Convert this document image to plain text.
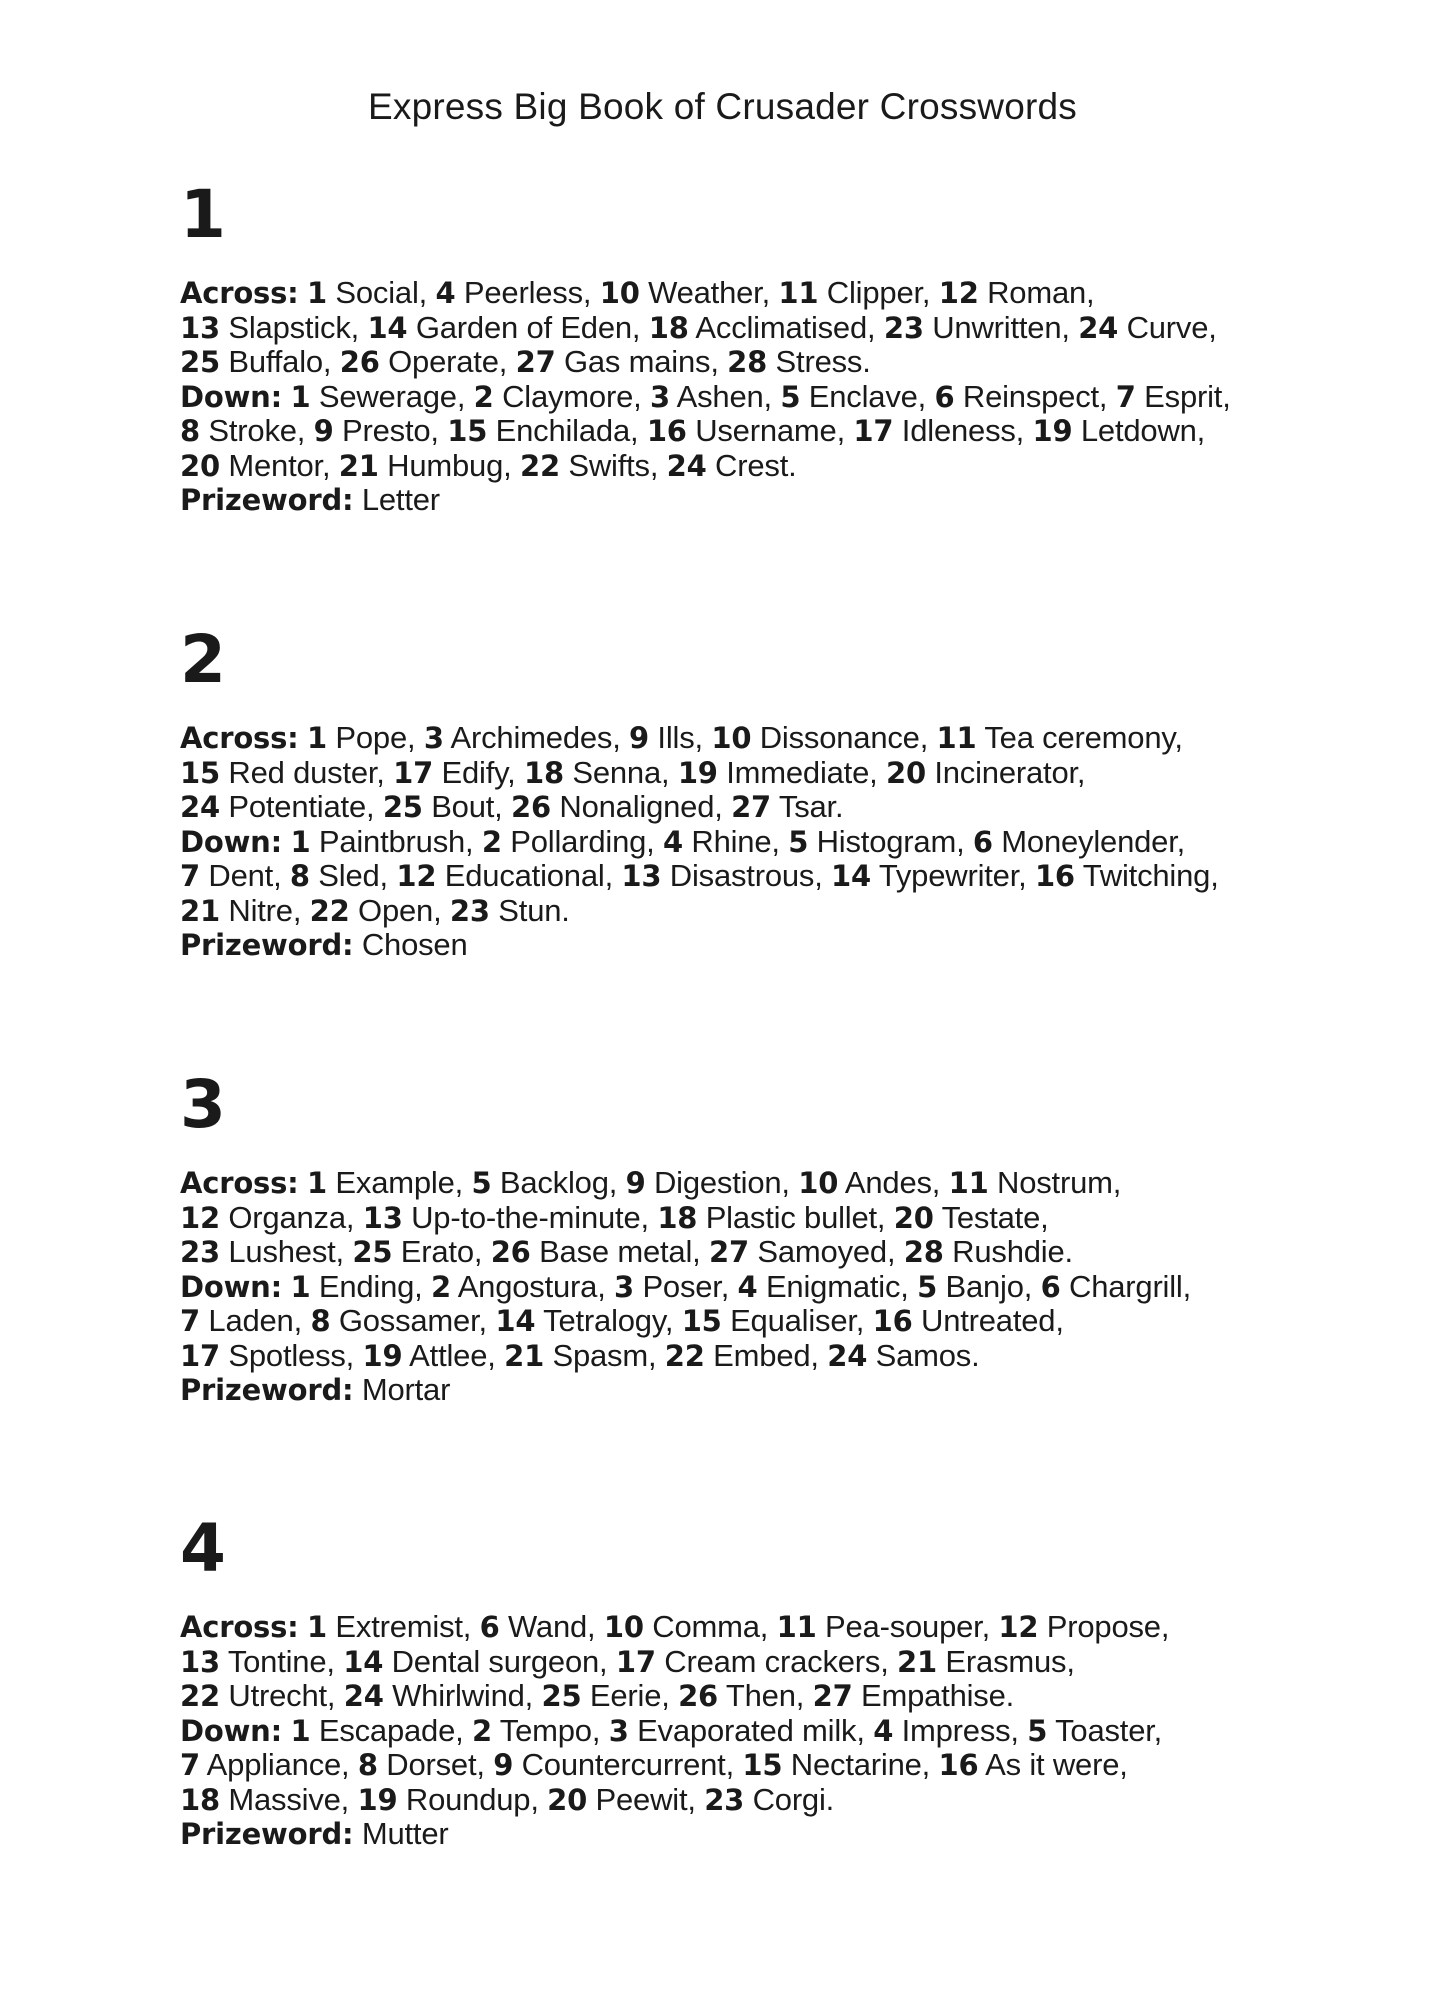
Express Big Book of Crusader Crosswords
1
Across: 1 Social, 4 Peerless, 10 Weather, 11 Clipper, 12 Roman,
13 Slapstick, 14 Garden of Eden, 18 Acclimatised, 23 Unwritten, 24 Curve,
25 Buffalo, 26 Operate, 27 Gas mains, 28 Stress.
Down: 1 Sewerage, 2 Claymore, 3 Ashen, 5 Enclave, 6 Reinspect, 7 Esprit,
8 Stroke, 9 Presto, 15 Enchilada, 16 Username, 17 Idleness, 19 Letdown,
20 Mentor, 21 Humbug, 22 Swifts, 24 Crest.
Prizeword: Letter
2
Across: 1 Pope, 3 Archimedes, 9 Ills, 10 Dissonance, 11 Tea ceremony,
15 Red duster, 17 Edify, 18 Senna, 19 Immediate, 20 Incinerator,
24 Potentiate, 25 Bout, 26 Nonaligned, 27 Tsar.
Down: 1 Paintbrush, 2 Pollarding, 4 Rhine, 5 Histogram, 6 Moneylender,
7 Dent, 8 Sled, 12 Educational, 13 Disastrous, 14 Typewriter, 16 Twitching,
21 Nitre, 22 Open, 23 Stun.
Prizeword: Chosen
3
Across: 1 Example, 5 Backlog, 9 Digestion, 10 Andes, 11 Nostrum,
12 Organza, 13 Up-to-the-minute, 18 Plastic bullet, 20 Testate,
23 Lushest, 25 Erato, 26 Base metal, 27 Samoyed, 28 Rushdie.
Down: 1 Ending, 2 Angostura, 3 Poser, 4 Enigmatic, 5 Banjo, 6 Chargrill,
7 Laden, 8 Gossamer, 14 Tetralogy, 15 Equaliser, 16 Untreated,
17 Spotless, 19 Attlee, 21 Spasm, 22 Embed, 24 Samos.
Prizeword: Mortar
4
Across: 1 Extremist, 6 Wand, 10 Comma, 11 Pea-souper, 12 Propose,
13 Tontine, 14 Dental surgeon, 17 Cream crackers, 21 Erasmus,
22 Utrecht, 24 Whirlwind, 25 Eerie, 26 Then, 27 Empathise.
Down: 1 Escapade, 2 Tempo, 3 Evaporated milk, 4 Impress, 5 Toaster,
7 Appliance, 8 Dorset, 9 Countercurrent, 15 Nectarine, 16 As it were,
18 Massive, 19 Roundup, 20 Peewit, 23 Corgi.
Prizeword: Mutter
